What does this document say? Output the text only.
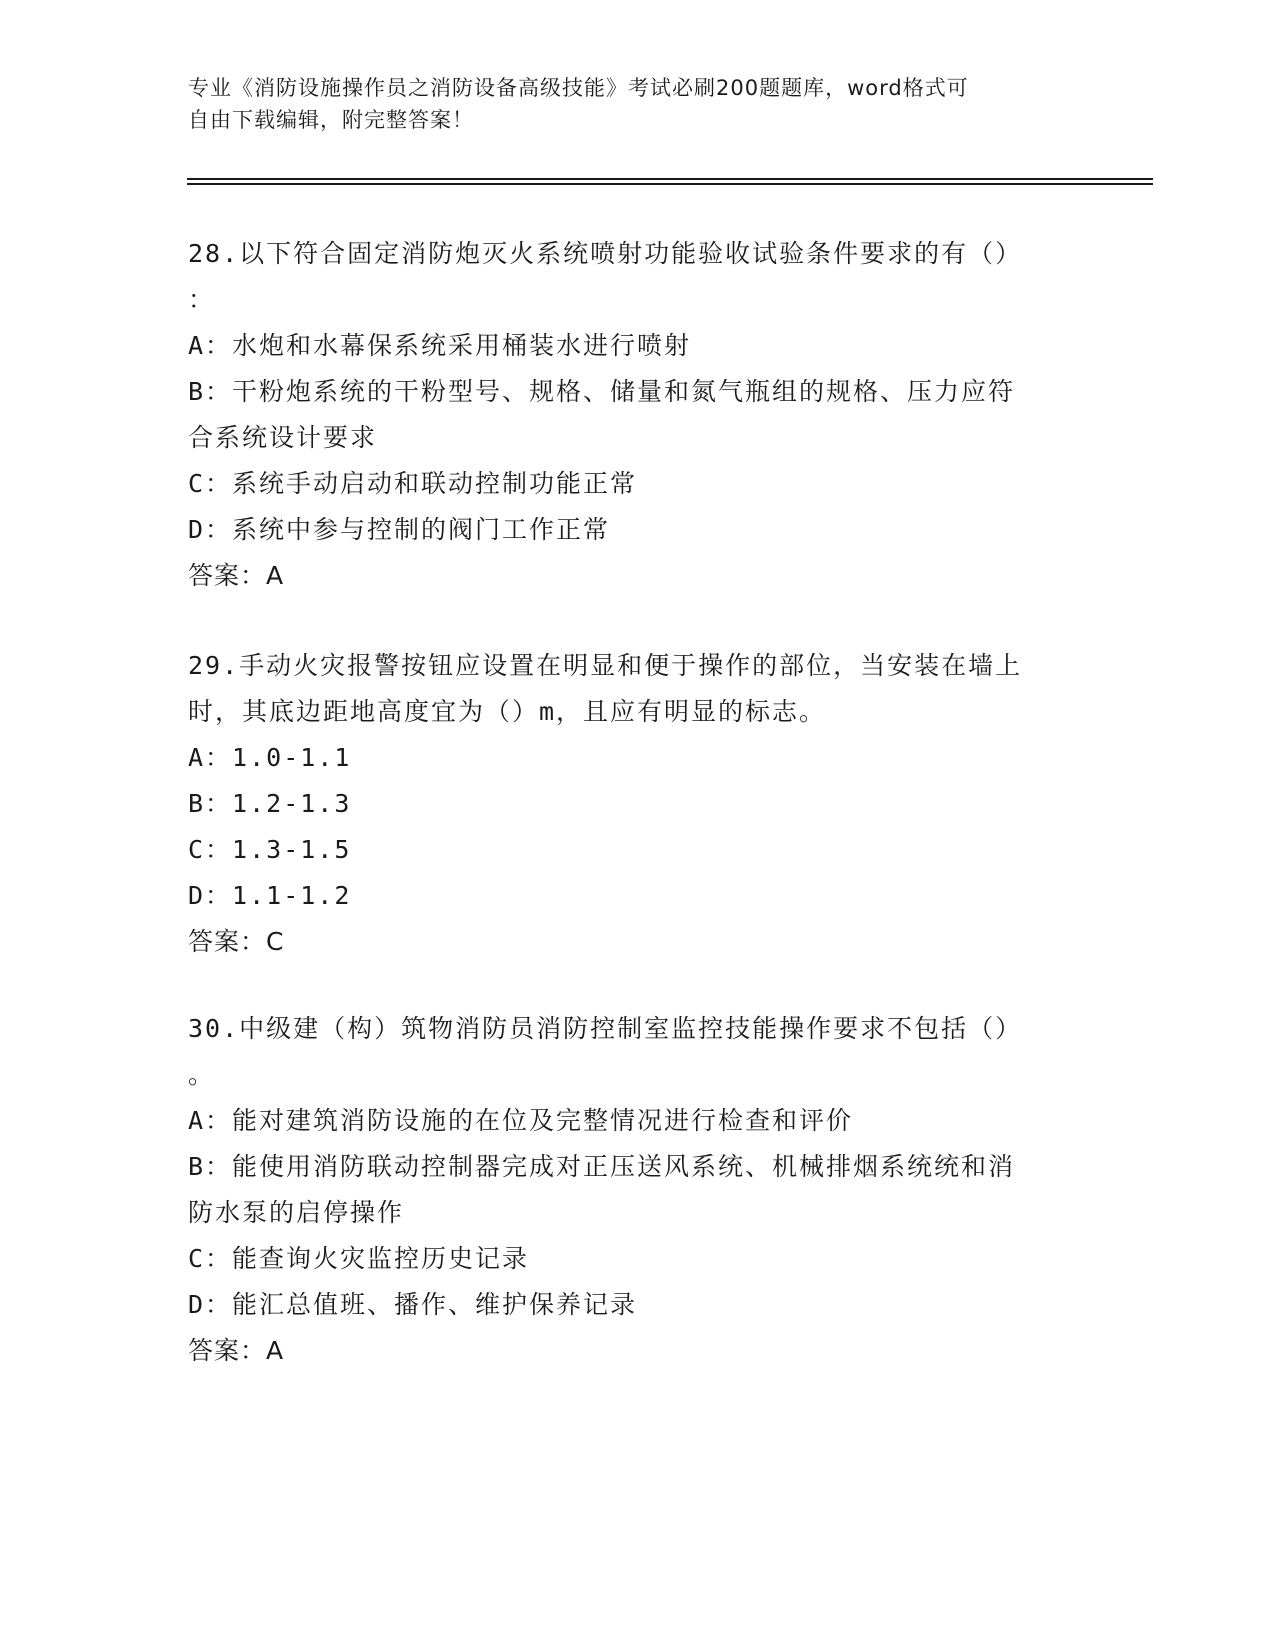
专业《消防设施操作员之消防设备高级技能》考试必刷200题题库，word格式可
自由下载编辑，附完整答案！
28.以下符合固定消防炮灭火系统喷射功能验收试验条件要求的有（）
：
A：水炮和水幕保系统采用桶装水进行喷射
B：干粉炮系统的干粉型号、规格、储量和氮气瓶组的规格、压力应符
合系统设计要求
C：系统手动启动和联动控制功能正常
D：系统中参与控制的阀门工作正常
答案：A
29.手动火灾报警按钮应设置在明显和便于操作的部位，当安装在墙上
时，其底边距地高度宜为（）m，且应有明显的标志。
A：1.0-1.1
B：1.2-1.3
C：1.3-1.5
D：1.1-1.2
答案：C
30.中级建（构）筑物消防员消防控制室监控技能操作要求不包括（）
。
A：能对建筑消防设施的在位及完整情况进行检查和评价
B：能使用消防联动控制器完成对正压送风系统、机械排烟系统统和消
防水泵的启停操作
C：能查询火灾监控历史记录
D：能汇总值班、播作、维护保养记录
答案：A
